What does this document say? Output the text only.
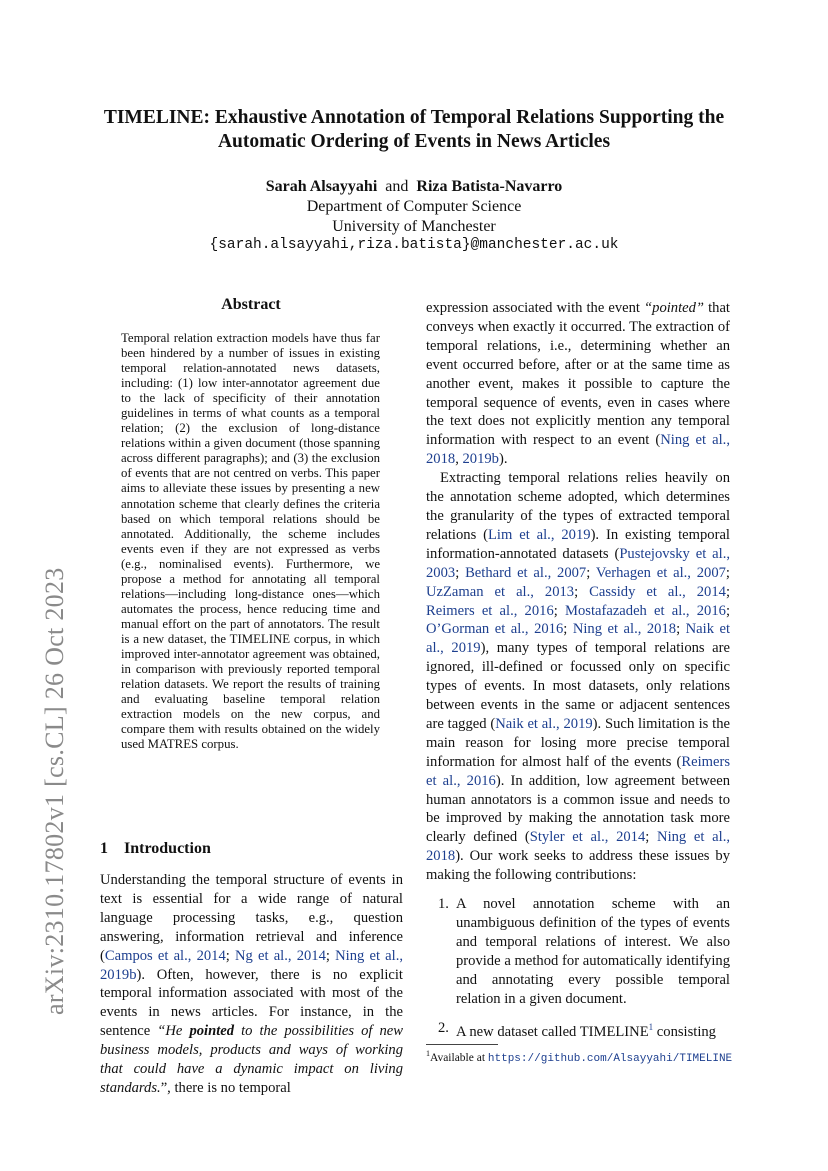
arXiv:2310.17802v1 [cs.CL] 26 Oct 2023
TIMELINE: Exhaustive Annotation of Temporal Relations Supporting the Automatic Ordering of Events in News Articles
Sarah Alsayyahi and Riza Batista-Navarro
Department of Computer Science
University of Manchester
{sarah.alsayyahi,riza.batista}@manchester.ac.uk
Abstract
Temporal relation extraction models have thus far been hindered by a number of issues in existing temporal relation-annotated news datasets, including: (1) low inter-annotator agreement due to the lack of specificity of their annotation guidelines in terms of what counts as a temporal relation; (2) the exclusion of long-distance relations within a given document (those spanning across different paragraphs); and (3) the exclusion of events that are not centred on verbs. This paper aims to alleviate these issues by presenting a new annotation scheme that clearly defines the criteria based on which temporal relations should be annotated. Additionally, the scheme includes events even if they are not expressed as verbs (e.g., nominalised events). Furthermore, we propose a method for annotating all temporal relations—including long-distance ones—which automates the process, hence reducing time and manual effort on the part of annotators. The result is a new dataset, the TIMELINE corpus, in which improved inter-annotator agreement was obtained, in comparison with previously reported temporal relation datasets. We report the results of training and evaluating baseline temporal relation extraction models on the new corpus, and compare them with results obtained on the widely used MATRES corpus.
1 Introduction
Understanding the temporal structure of events in text is essential for a wide range of natural language processing tasks, e.g., question answering, information retrieval and inference (Campos et al., 2014; Ng et al., 2014; Ning et al., 2019b). Often, however, there is no explicit temporal information associated with most of the events in news articles. For instance, in the sentence “He pointed to the possibilities of new business models, products and ways of working that could have a dynamic impact on living standards.”, there is no temporal

expression associated with the event “pointed” that conveys when exactly it occurred. The extraction of temporal relations, i.e., determining whether an event occurred before, after or at the same time as another event, makes it possible to capture the temporal sequence of events, even in cases where the text does not explicitly mention any temporal information with respect to an event (Ning et al., 2018, 2019b).

Extracting temporal relations relies heavily on the annotation scheme adopted, which determines the granularity of the types of extracted temporal relations (Lim et al., 2019). In existing temporal information-annotated datasets (Pustejovsky et al., 2003; Bethard et al., 2007; Verhagen et al., 2007; UzZaman et al., 2013; Cassidy et al., 2014; Reimers et al., 2016; Mostafazadeh et al., 2016; O’Gorman et al., 2016; Ning et al., 2018; Naik et al., 2019), many types of temporal relations are ignored, ill-defined or focussed only on specific types of events. In most datasets, only relations between events in the same or adjacent sentences are tagged (Naik et al., 2019). Such limitation is the main reason for losing more precise temporal information for almost half of the events (Reimers et al., 2016). In addition, low agreement between human annotators is a common issue and needs to be improved by making the annotation task more clearly defined (Styler et al., 2014; Ning et al., 2018). Our work seeks to address these issues by making the following contributions:

1. A novel annotation scheme with an unambiguous definition of the types of events and temporal relations of interest. We also provide a method for automatically identifying and annotating every possible temporal relation in a given document.
2. A new dataset called TIMELINE$^1$ consisting
$^1$Available at https://github.com/Alsayyahi/TIMELINE
